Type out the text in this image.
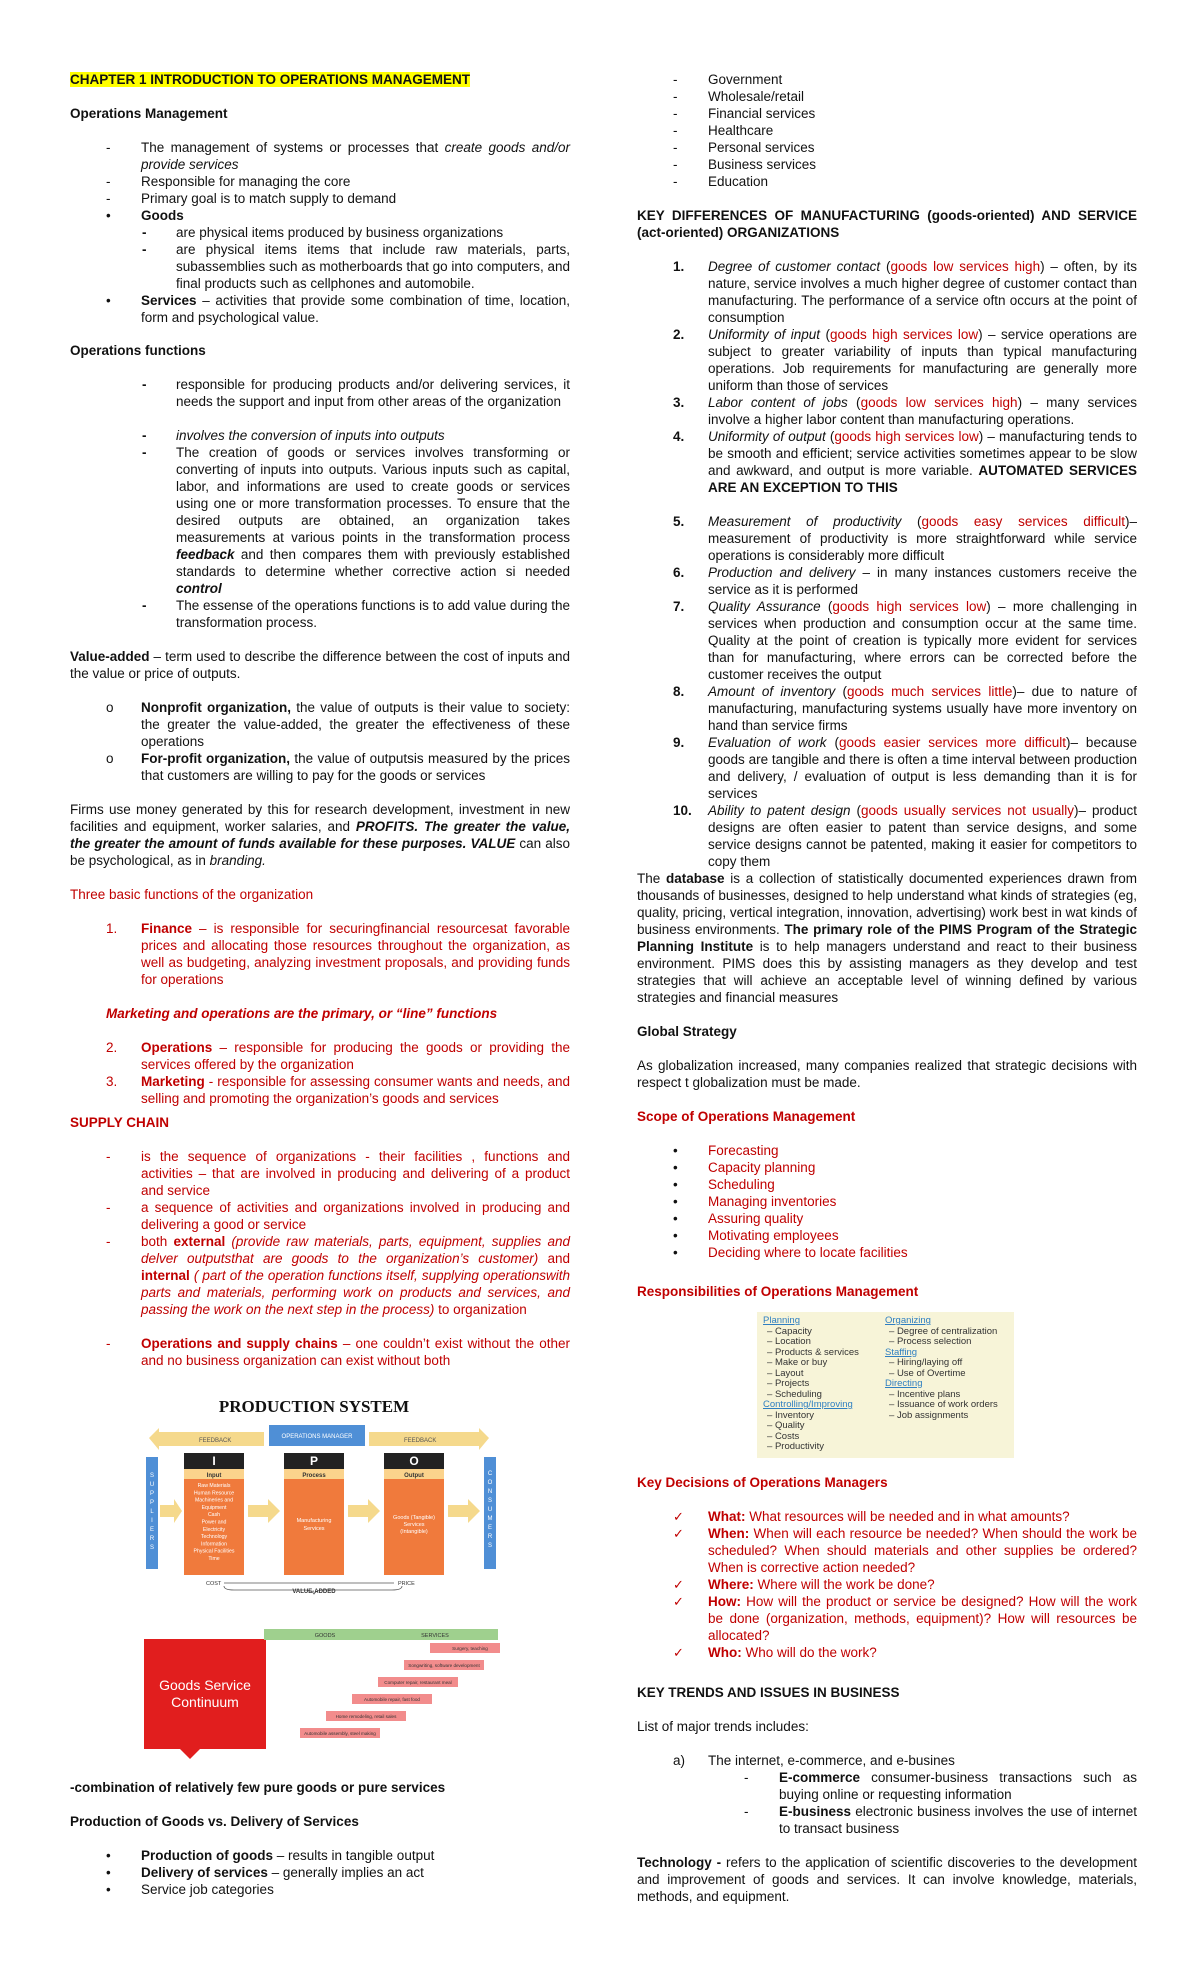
CHAPTER 1 INTRODUCTION TO OPERATIONS MANAGEMENT
Operations Management
-	The management of systems or processes that create goods and/or provide services
-	Responsible for managing the core
-	Primary goal is to match supply to demand
•	Goods
-	are physical items produced by business organizations
-	are physical items items that include raw materials, parts, subassemblies such as motherboards that go into computers, and final products such as cellphones and automobile.
•	Services – activities that provide some combination of time, location, form and psychological value.
Operations functions
-	responsible for producing products and/or delivering services, it needs the support and input from other areas of the organization
-	involves the conversion of inputs into outputs
-	The creation of goods or services involves transforming or converting of inputs into outputs. Various inputs such as capital, labor, and informations are used to create goods or services using one or more transformation processes. To ensure that the desired outputs are obtained, an organization takes measurements at various points in the transformation process feedback and then compares them with previously established standards to determine whether corrective action si needed control
-	The essense of the operations functions is to add value during the transformation process.
Value-added – term used to describe the difference between the cost of inputs and the value or price of outputs.
o	Nonprofit organization, the value of outputs is their value to society: the greater the value-added, the greater the effectiveness of these operations
o	For-profit organization, the value of outputsis measured by the prices that customers are willing to pay for the goods or services
Firms use money generated by this for research development, investment in new facilities and equipment, worker salaries, and PROFITS. The greater the value, the greater the amount of funds available for these purposes. VALUE can also be psychological, as in branding.
Three basic functions of the organization
1.	Finance – is responsible for securingfinancial resourcesat favorable prices and allocating those resources throughout the organization, as well as budgeting, analyzing investment proposals, and providing funds for operations
Marketing and operations are the primary, or “line” functions
2.	Operations – responsible for producing the goods or providing the services offered by the organization
3.	Marketing - responsible for assessing consumer wants and needs, and selling and promoting the organization’s goods and services
SUPPLY CHAIN
-	is the sequence of organizations - their facilities , functions and activities – that are involved in producing and delivering of a product and service
-	a sequence of activities and organizations involved in producing and delivering a good or service
-	both external (provide raw materials, parts, equipment, supplies and delver outputsthat are goods to the organization’s customer) and internal ( part of the operation functions itself, supplying operationswith parts and materials, performing work on products and services, and passing the work on the next step in the process) to organization
-	Operations and supply chains – one couldn’t exist without the other and no business organization can exist without both
PRODUCTION SYSTEM
FEEDBACK
OPERATIONS MANAGER
FEEDBACK
S U P P L I E R S
C O N S U M E R S
I
Input
Raw Materials
Human Resource
Machineries and
Equipment
Cash
Power and
Electricity
Technology
Information
Physical Facilities
Time
P
Process
Manufacturing
Services
O
Output
Goods (Tangible)
Services
(Intangible)
COST	PRICE
VALUE-ADDED
Goods Service Continuum
GOODS	SERVICES
Surgery, teaching
Songwriting, software development
Computer repair, restaurant meal
Automobile repair, fast food
Home remodeling, retail sales
Automobile assembly, steel making
-combination of relatively few pure goods or pure services
Production of Goods vs. Delivery of Services
•	Production of goods – results in tangible output
•	Delivery of services – generally implies an act
•	Service job categories
-	Government
-	Wholesale/retail
-	Financial services
-	Healthcare
-	Personal services
-	Business services
-	Education
KEY DIFFERENCES OF MANUFACTURING (goods-oriented) AND SERVICE (act-oriented) ORGANIZATIONS
1.	Degree of customer contact (goods low services high) – often, by its nature, service involves a much higher degree of customer contact than manufacturing. The performance of a service oftn occurs at the point of consumption
2.	Uniformity of input (goods high services low) – service operations are subject to greater variability of inputs than typical manufacturing operations. Job requirements for manufacturing are generally more uniform than those of services
3.	Labor content of jobs (goods low services high) – many services involve a higher labor content than manufacturing operations.
4.	Uniformity of output (goods high services low) – manufacturing tends to be smooth and efficient; service activities sometimes appear to be slow and awkward, and output is more variable. AUTOMATED SERVICES ARE AN EXCEPTION TO THIS
5.	Measurement of productivity (goods easy services difficult)– measurement of productivity is more straightforward while service operations is considerably more difficult
6.	Production and delivery – in many instances customers receive the service as it is performed
7.	Quality Assurance (goods high services low) – more challenging in services when production and consumption occur at the same time. Quality at the point of creation is typically more evident for services than for manufacturing, where errors can be corrected before the customer receives the output
8.	Amount of inventory (goods much services little)– due to nature of manufacturing, manufacturing systems usually have more inventory on hand than service firms
9.	Evaluation of work (goods easier services more difficult)– because goods are tangible and there is often a time interval between production and delivery, / evaluation of output is less demanding than it is for services
10.	Ability to patent design (goods usually services not usually)– product designs are often easier to patent than service designs, and some service designs cannot be patented, making it easier for competitors to copy them
The database is a collection of statistically documented experiences drawn from thousands of businesses, designed to help understand what kinds of strategies (eg, quality, pricing, vertical integration, innovation, advertising) work best in wat kinds of business environments. The primary role of the PIMS Program of the Strategic Planning Institute is to help managers understand and react to their business environment. PIMS does this by assisting managers as they develop and test strategies that will achieve an acceptable level of winning defined by various strategies and financial measures
Global Strategy
As globalization increased, many companies realized that strategic decisions with respect t globalization must be made.
Scope of Operations Management
•	Forecasting
•	Capacity planning
•	Scheduling
•	Managing inventories
•	Assuring quality
•	Motivating employees
•	Deciding where to locate facilities
Responsibilities of Operations Management
Key Decisions of Operations Managers
✓	What: What resources will be needed and in what amounts?
✓	When: When will each resource be needed? When should the work be scheduled? When should materials and other supplies be ordered? When is corrective action needed?
✓	Where: Where will the work be done?
✓	How: How will the product or service be designed? How will the work be done (organization, methods, equipment)? How will resources be allocated?
✓	Who: Who will do the work?
KEY TRENDS AND ISSUES IN BUSINESS
List of major trends includes:
a)	The internet, e-commerce, and e-busines
-	E-commerce consumer-business transactions such as buying online or requesting information
-	E-business electronic business involves the use of internet to transact business
Technology - refers to the application of scientific discoveries to the development and improvement of goods and services. It can involve knowledge, materials, methods, and equipment.
Planning
– Capacity
– Location
– Products & services
– Make or buy
– Layout
– Projects
– Scheduling
Controlling/Improving
– Inventory
– Quality
– Costs
– Productivity
Organizing
– Degree of centralization
– Process selection
Staffing
– Hiring/laying off
– Use of Overtime
Directing
– Incentive plans
– Issuance of work orders
– Job assignments
